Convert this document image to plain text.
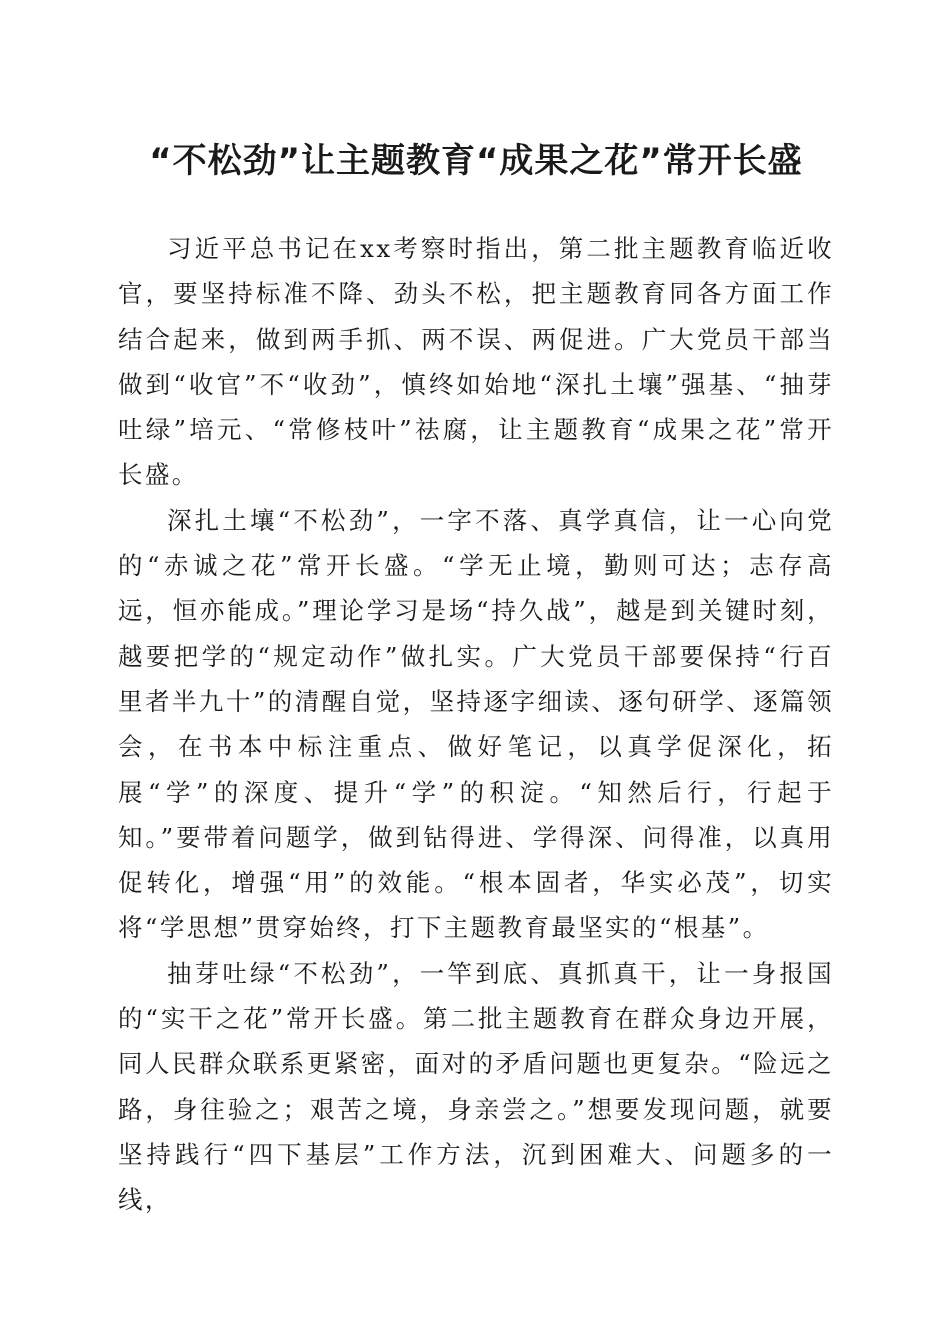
“不松劲”让主题教育“成果之花”常开长盛

习近平总书记在xx考察时指出，第二批主题教育临近收官，要坚持标准不降、劲头不松，把主题教育同各方面工作结合起来，做到两手抓、两不误、两促进。广大党员干部当做到“收官”不“收劲”，慎终如始地“深扎土壤”强基、“抽芽吐绿”培元、“常修枝叶”祛腐，让主题教育“成果之花”常开长盛。

深扎土壤“不松劲”，一字不落、真学真信，让一心向党的“赤诚之花”常开长盛。“学无止境，勤则可达；志存高远，恒亦能成。”理论学习是场“持久战”，越是到关键时刻，越要把学的“规定动作”做扎实。广大党员干部要保持“行百里者半九十”的清醒自觉，坚持逐字细读、逐句研学、逐篇领会，在书本中标注重点、做好笔记，以真学促深化，拓展“学”的深度、提升“学”的积淀。“知然后行，行起于知。”要带着问题学，做到钻得进、学得深、问得准，以真用促转化，增强“用”的效能。“根本固者，华实必茂”，切实将“学思想”贯穿始终，打下主题教育最坚实的“根基”。

抽芽吐绿“不松劲”，一竿到底、真抓真干，让一身报国的“实干之花”常开长盛。第二批主题教育在群众身边开展，同人民群众联系更紧密，面对的矛盾问题也更复杂。“险远之路，身往验之；艰苦之境，身亲尝之。”想要发现问题，就要坚持践行“四下基层”工作方法，沉到困难大、问题多的一线，
